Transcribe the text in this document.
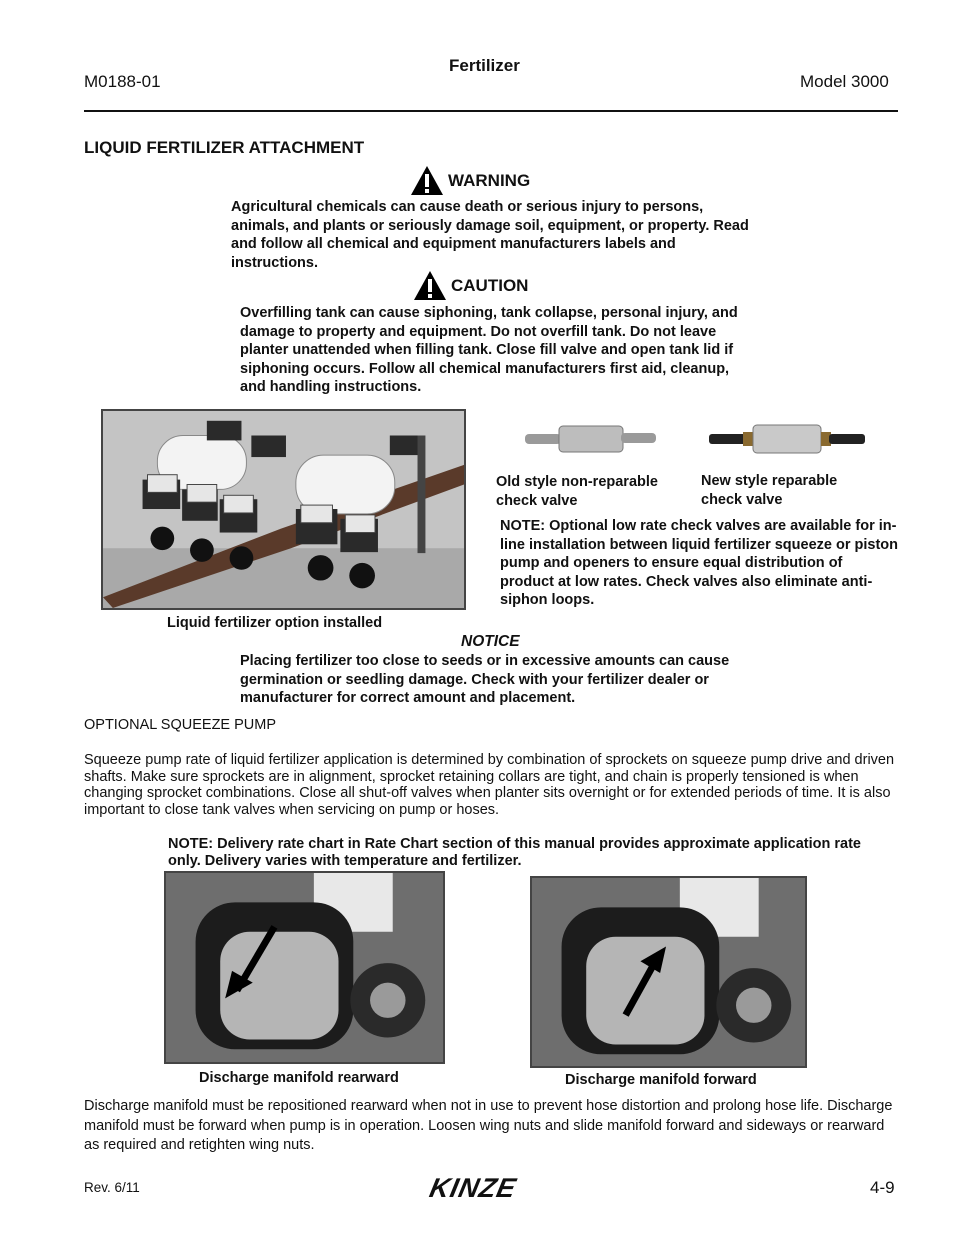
M0188-01
Fertilizer
Model 3000
LIQUID FERTILIZER ATTACHMENT
WARNING
Agricultural chemicals can cause death or serious injury to persons, animals, and plants or seriously damage soil, equipment, or property. Read and follow all chemical and equipment manufacturers labels and instructions.
CAUTION
Overfilling tank can cause siphoning, tank collapse, personal injury, and damage to property and equipment. Do not overfill tank. Do not leave planter unattended when filling tank. Close fill valve and open tank lid if siphoning occurs. Follow all chemical manufacturers first aid, cleanup, and handling instructions.
Liquid fertilizer option installed
Old style non-reparable check valve
New style reparable check valve
NOTE: Optional low rate check valves are available for in-line installation between liquid fertilizer squeeze or piston pump and openers to ensure equal distribution of product at low rates. Check valves also eliminate anti-siphon loops.
NOTICE
Placing fertilizer too close to seeds or in excessive amounts can cause germination or seedling damage. Check with your fertilizer dealer or manufacturer for correct amount and placement.
OPTIONAL SQUEEZE PUMP
Squeeze pump rate of liquid fertilizer application is determined by combination of sprockets on squeeze pump drive and driven shafts. Make sure sprockets are in alignment, sprocket retaining collars are tight, and chain is properly tensioned is when changing sprocket combinations. Close all shut-off valves when planter sits overnight or for extended periods of time. It is also important to close tank valves when servicing on pump or hoses.
NOTE: Delivery rate chart in Rate Chart section of this manual provides approximate application rate only. Delivery varies with temperature and fertilizer.
Discharge manifold rearward	Discharge manifold forward
Discharge manifold must be repositioned rearward when not in use to prevent hose distortion and prolong hose life. Discharge manifold must be forward when pump is in operation. Loosen wing nuts and slide manifold forward and sideways or rearward as required and retighten wing nuts.
Rev. 6/11	KINZE	4-9
